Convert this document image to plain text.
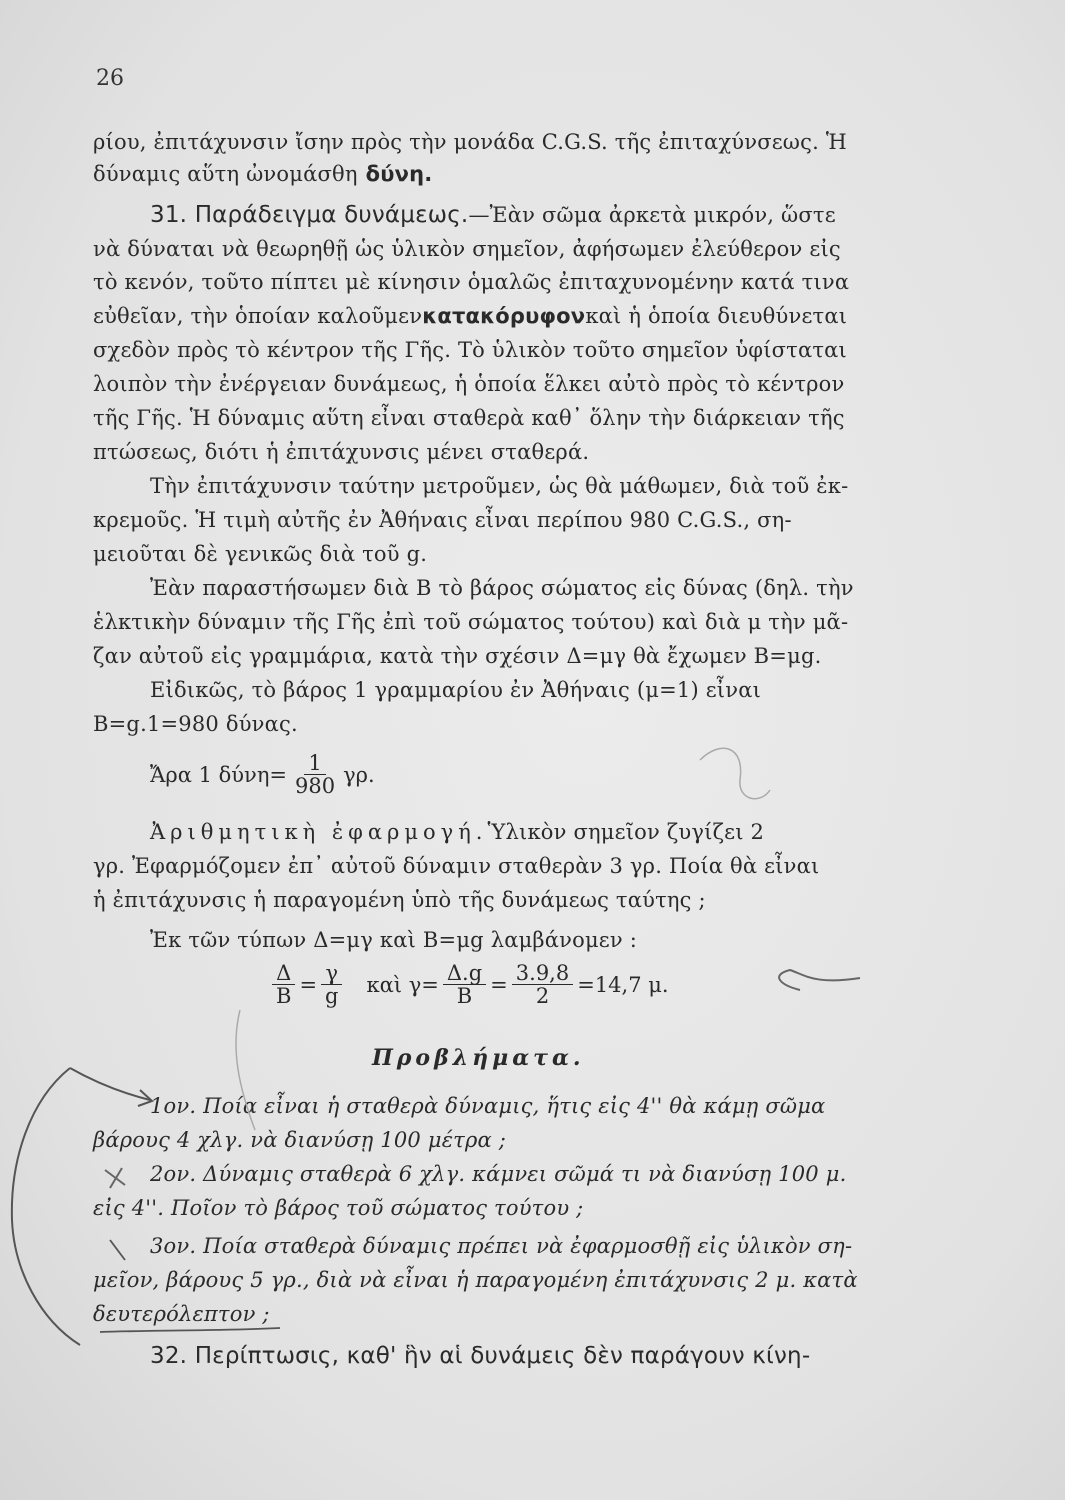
26
ρίου, ἐπιτάχυνσιν ἴσην πρὸς τὴν μονάδα C.G.S. τῆς ἐπιταχύνσεως. Ἡ
δύναμις αὕτη ὠνομάσθη δύνη.
31. Παράδειγμα δυνάμεως. —Ἐὰν σῶμα ἀρκετὰ μικρόν, ὥστε
νὰ δύναται νὰ θεωρηθῇ ὡς ὑλικὸν σημεῖον, ἀφήσωμεν ἐλεύθερον εἰς
τὸ κενόν, τοῦτο πίπτει μὲ κίνησιν ὁμαλῶς ἐπιταχυνομένην κατά τινα
εὐθεῖαν, τὴν ὁποίαν καλοῦμεν κατακόρυφον καὶ ἡ ὁποία διευθύνεται
σχεδὸν πρὸς τὸ κέντρον τῆς Γῆς. Τὸ ὑλικὸν τοῦτο σημεῖον ὑφίσταται
λοιπὸν τὴν ἐνέργειαν δυνάμεως, ἡ ὁποία ἕλκει αὐτὸ πρὸς τὸ κέντρον
τῆς Γῆς. Ἡ δύναμις αὕτη εἶναι σταθερὰ καθ᾽ ὅλην τὴν διάρκειαν τῆς
πτώσεως, διότι ἡ ἐπιτάχυνσις μένει σταθερά.
Τὴν ἐπιτάχυνσιν ταύτην μετροῦμεν, ὡς θὰ μάθωμεν, διὰ τοῦ ἐκ-
κρεμοῦς. Ἡ τιμὴ αὐτῆς ἐν Ἀθήναις εἶναι περίπου 980 C.G.S., ση-
μειοῦται δὲ γενικῶς διὰ τοῦ g.
Ἐὰν παραστήσωμεν διὰ B τὸ βάρος σώματος εἰς δύνας (δηλ. τὴν
ἑλκτικὴν δύναμιν τῆς Γῆς ἐπὶ τοῦ σώματος τούτου) καὶ διὰ μ τὴν μᾶ-
ζαν αὐτοῦ εἰς γραμμάρια, κατὰ τὴν σχέσιν Δ=μγ θὰ ἔχωμεν B=μg.
Εἰδικῶς, τὸ βάρος 1 γραμμαρίου ἐν Ἀθήναις (μ=1) εἶναι
B=g.1=980 δύνας.
Ἄρα 1 $\delta ύ\nu\eta= \frac{1}{980} \gamma\rho$.
Ἀριθμητικὴ ἐφαρμογή. Ὑλικὸν σημεῖον ζυγίζει 2
γρ. Ἐφαρμόζομεν ἐπ᾽ αὐτοῦ δύναμιν σταθερὰν 3 γρ. Ποία θὰ εἶναι
ἡ ἐπιτάχυνσις ἡ παραγομένη ὑπὸ τῆς δυνάμεως ταύτης ;
Ἐκ τῶν τύπων Δ=μγ καὶ B=μg λαμβάνομεν :
$\frac{\Delta}{B} = \frac{\gamma}{g}$ καὶ $\gamma= \frac{\Delta.g}{B} = \frac{3.9,8}{2} =14,7$ μ.
Προβλήματα.
1ον. Ποία εἶναι ἡ σταθερὰ δύναμις, ἥτις εἰς 4'' θὰ κάμῃ σῶμα
βάρους 4 χλγ. νὰ διανύσῃ 100 μέτρα ;
2ον. Δύναμις σταθερὰ 6 χλγ. κάμνει σῶμά τι νὰ διανύσῃ 100 μ.
εἰς 4''. Ποῖον τὸ βάρος τοῦ σώματος τούτου ;
3ον. Ποία σταθερὰ δύναμις πρέπει νὰ ἐφαρμοσθῇ εἰς ὑλικὸν ση-
μεῖον, βάρους 5 γρ., διὰ νὰ εἶναι ἡ παραγομένη ἐπιτάχυνσις 2 μ. κατὰ
δευτερόλεπτον ;
32. Περίπτωσις, καθ' ἣν αἱ δυνάμεις δὲν παράγουν κίνη-
